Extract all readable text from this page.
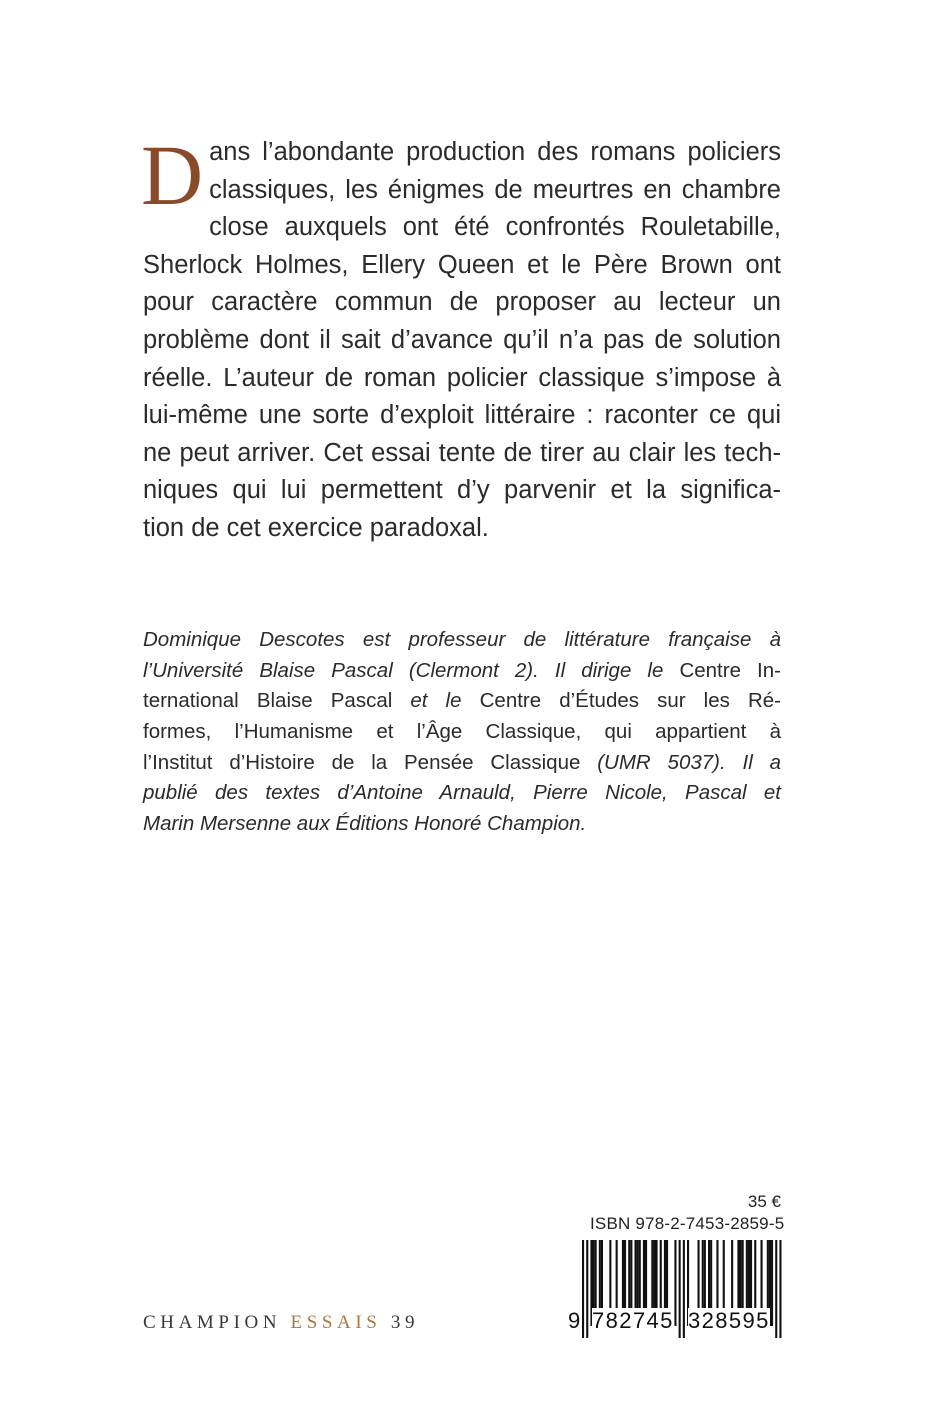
D ans l’abondante production des romans policiers
classiques, les énigmes de meurtres en chambre
close auxquels ont été confrontés Rouletabille,
Sherlock Holmes, Ellery Queen et le Père Brown ont
pour caractère commun de proposer au lecteur un
problème dont il sait d’avance qu’il n’a pas de solution
réelle. L’auteur de roman policier classique s’impose à
lui-même une sorte d’exploit littéraire : raconter ce qui
ne peut arriver. Cet essai tente de tirer au clair les tech-
niques qui lui permettent d’y parvenir et la significa-
tion de cet exercice paradoxal.
Dominique Descotes est professeur de littérature française à
l’Université Blaise Pascal (Clermont 2). Il dirige le Centre In-
ternational Blaise Pascal et le Centre d’Études sur les Ré-
formes, l’Humanisme et l’Âge Classique, qui appartient à
l’Institut d’Histoire de la Pensée Classique (UMR 5037). Il a
publié des textes d’Antoine Arnauld, Pierre Nicole, Pascal et
Marin Mersenne aux Éditions Honoré Champion.
CHAMPION ESSAIS 39
35 €
ISBN 978-2-7453-2859-5
9 782745 328595
